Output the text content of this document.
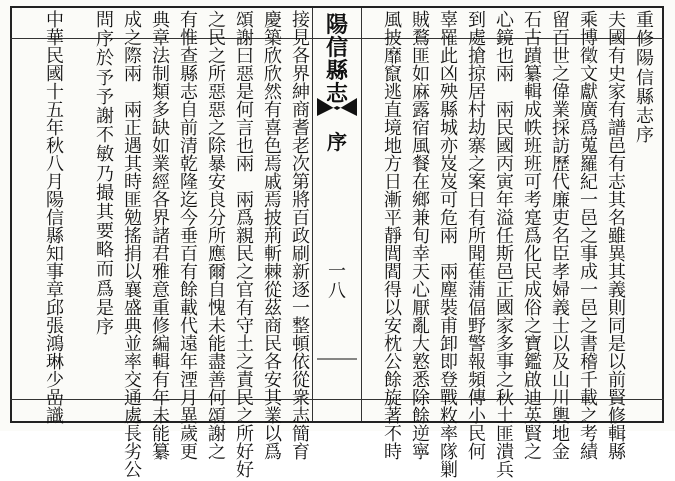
重
修
陽
信
縣
志
序
夫
國
有
史
家
有
譜
邑
有
志
其
名
雖
異
其
義
則
同
是
以
前
賢
修
輯
縣
乘
博
徵
文
獻
廣
爲
蒐
羅
紀
一
邑
之
事
成
一
邑
之
書
稽
千
載
之
考
績
留
百
世
之
偉
業
採
訪
歷
代
廉
吏
名
臣
孝
婦
義
士
以
及
山
川
輿
地
金
石
古
蹟
纂
輯
成
帙
班
班
可
考
寔
爲
化
民
成
俗
之
寶
鑑
啟
迪
英
賢
之
心
鏡
也
兩

兩
民
國
丙
寅
年
溢
任
斯
邑
正
國
家
多
事
之
秋
土
匪
潰
兵
到
處
搶
掠
居
村
劫
寨
之
案
日
有
所
聞
萑
蒲
偪
野
警
報
頻
傳
小
民
何
辜
罹
此
凶
殃
縣
城
亦
岌
岌
可
危
兩

兩
塵
裝
甫
卸
即
登
戰
敉
率
隊
剿
賊
鶩
匪
如
麻
露
宿
風
餐
在
鄉
兼
旬
幸
天
心
厭
亂
大
憝
悉
除
餘
逆
寧
風
披
靡
竄
逃
直
境
地
方
日
漸
平
靜
閭
閻
得
以
安
枕
公
餘
旋
著
不
時
陽
信
縣
志
序
一
八
接
見
各
界
紳
商
耆
老
次
第
將
百
政
刷
新
逐
一
整
頓
依
從
衆
志
簡
育
慶
築
欣
欣
然
有
喜
色
焉
戚
焉
披
荊
斬
棘
從
茲
商
民
各
安
其
業
以
爲
頌
謝
曰
惡
是
何
言
也
兩

兩
爲
親
民
之
官
有
守
土
之
責
民
之
所
好
好
之
民
之
所
惡
惡
之
除
暴
安
良
分
所
應
爾
自
愧
未
能
盡
善
何
頌
謝
之
有
惟
查
縣
志
自
前
清
乾
隆
迄
今
垂
百
有
餘
載
代
遠
年
湮
月
異
歲
更
典
章
法
制
類
多
缺
如
業
經
各
界
諸
君
雅
意
重
修
編
輯
有
年
未
能
纂
成
之
際
兩

兩
正
遇
其
時
匪
勉
搖
捐
以
襄
盛
典
並
率
交
通
處
長
劣
公
問
序
於
予
予
謝
不
敏
乃
撮
其
要
略
而
爲
是
序
中
華
民
國
十
五
年
秋
八
月
陽
信
縣
知
事
章
邱
張
鴻
琳
少
嵒
識
